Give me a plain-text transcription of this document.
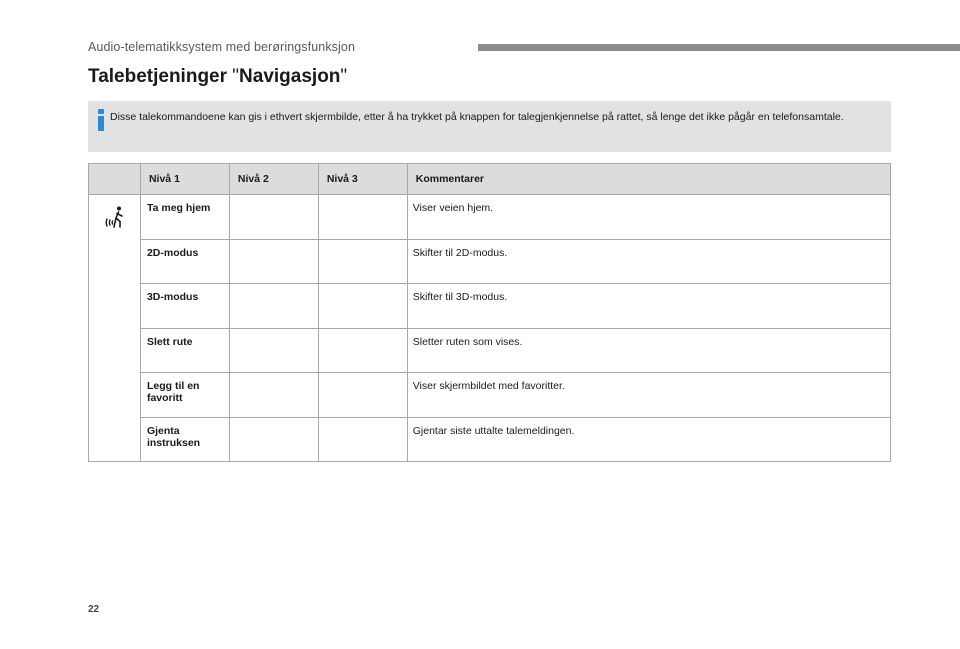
Audio-telematikksystem med berøringsfunksjon
Talebetjeninger "Navigasjon"
Disse talekommandoene kan gis i ethvert skjermbilde, etter å ha trykket på knappen for talegjenkjennelse på rattet, så lenge det ikke pågår en telefonsamtale.
	Nivå 1	Nivå 2	Nivå 3	Kommentarer

	Ta meg hjem			Viser veien hjem.
	2D-modus			Skifter til 2D-modus.
	3D-modus			Skifter til 3D-modus.
	Slett rute			Sletter ruten som vises.
	Legg til en favoritt			Viser skjermbildet med favoritter.
	Gjenta instruksen			Gjentar siste uttalte talemeldingen.
22
